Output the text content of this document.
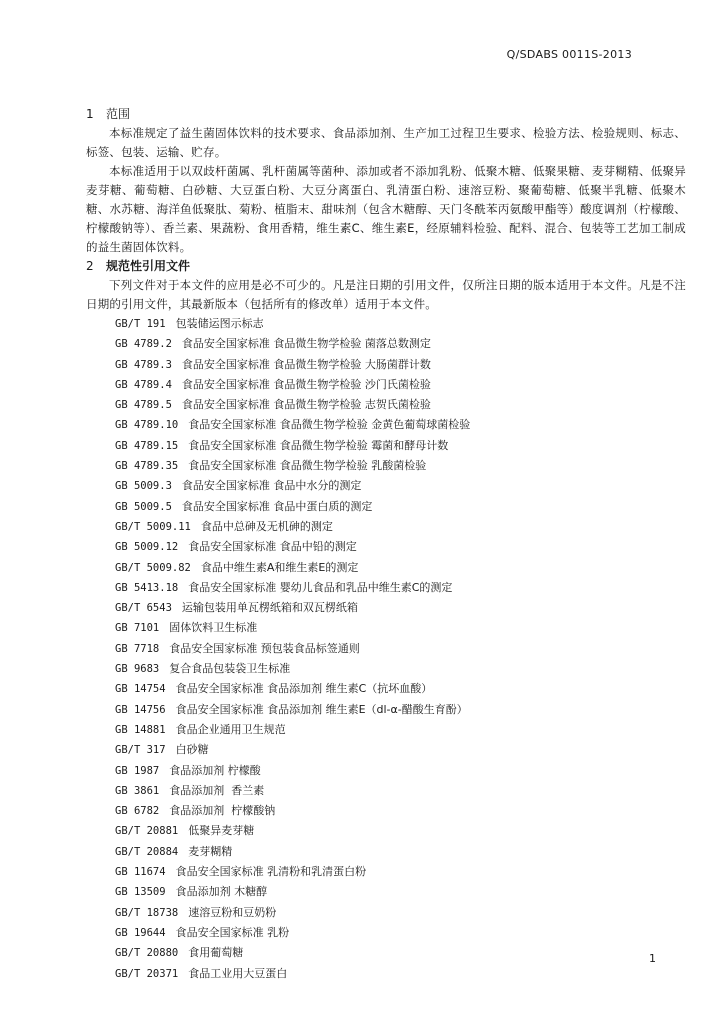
Q/SDABS 0011S-2013
1 范围

本标准规定了益生菌固体饮料的技术要求、食品添加剂、生产加工过程卫生要求、检验方法、检验规则、标志、标签、包装、运输、贮存。

本标准适用于以双歧杆菌属、乳杆菌属等菌种、添加或者不添加乳粉、低聚木糖、低聚果糖、麦芽糊精、低聚异麦芽糖、葡萄糖、白砂糖、大豆蛋白粉、大豆分离蛋白、乳清蛋白粉、速溶豆粉、聚葡萄糖、低聚半乳糖、低聚木糖、水苏糖、海洋鱼低聚肽、菊粉、植脂末、甜味剂（包含木糖醇、天门冬酰苯丙氨酸甲酯等）酸度调剂（柠檬酸、柠檬酸钠等）、香兰素、果蔬粉、食用香精，维生素C、维生素E，经原辅料检验、配料、混合、包装等工艺加工制成的益生菌固体饮料。

2 规范性引用文件

下列文件对于本文件的应用是必不可少的。凡是注日期的引用文件，仅所注日期的版本适用于本文件。凡是不注日期的引用文件，其最新版本（包括所有的修改单）适用于本文件。

GB/T 191 包装储运图示标志
GB 4789.2 食品安全国家标准 食品微生物学检验 菌落总数测定
GB 4789.3 食品安全国家标准 食品微生物学检验 大肠菌群计数
GB 4789.4 食品安全国家标准 食品微生物学检验 沙门氏菌检验
GB 4789.5 食品安全国家标准 食品微生物学检验 志贺氏菌检验
GB 4789.10 食品安全国家标准 食品微生物学检验 金黄色葡萄球菌检验
GB 4789.15 食品安全国家标准 食品微生物学检验 霉菌和酵母计数
GB 4789.35 食品安全国家标准 食品微生物学检验 乳酸菌检验
GB 5009.3 食品安全国家标准 食品中水分的测定
GB 5009.5 食品安全国家标准 食品中蛋白质的测定
GB/T 5009.11 食品中总砷及无机砷的测定
GB 5009.12 食品安全国家标准 食品中铅的测定
GB/T 5009.82 食品中维生素A和维生素E的测定
GB 5413.18 食品安全国家标准 婴幼儿食品和乳品中维生素C的测定
GB/T 6543 运输包装用单瓦楞纸箱和双瓦楞纸箱
GB 7101 固体饮料卫生标准
GB 7718 食品安全国家标准 预包装食品标签通则
GB 9683 复合食品包装袋卫生标准
GB 14754 食品安全国家标准 食品添加剂 维生素C（抗坏血酸）
GB 14756 食品安全国家标准 食品添加剂 维生素E（dl-α-醋酸生育酚）
GB 14881 食品企业通用卫生规范
GB/T 317 白砂糖
GB 1987 食品添加剂 柠檬酸
GB 3861 食品添加剂  香兰素
GB 6782 食品添加剂  柠檬酸钠
GB/T 20881 低聚异麦芽糖
GB/T 20884 麦芽糊精
GB 11674 食品安全国家标准 乳清粉和乳清蛋白粉
GB 13509 食品添加剂 木糖醇
GB/T 18738 速溶豆粉和豆奶粉
GB 19644 食品安全国家标准 乳粉
GB/T 20880 食用葡萄糖
GB/T 20371 食品工业用大豆蛋白
1
